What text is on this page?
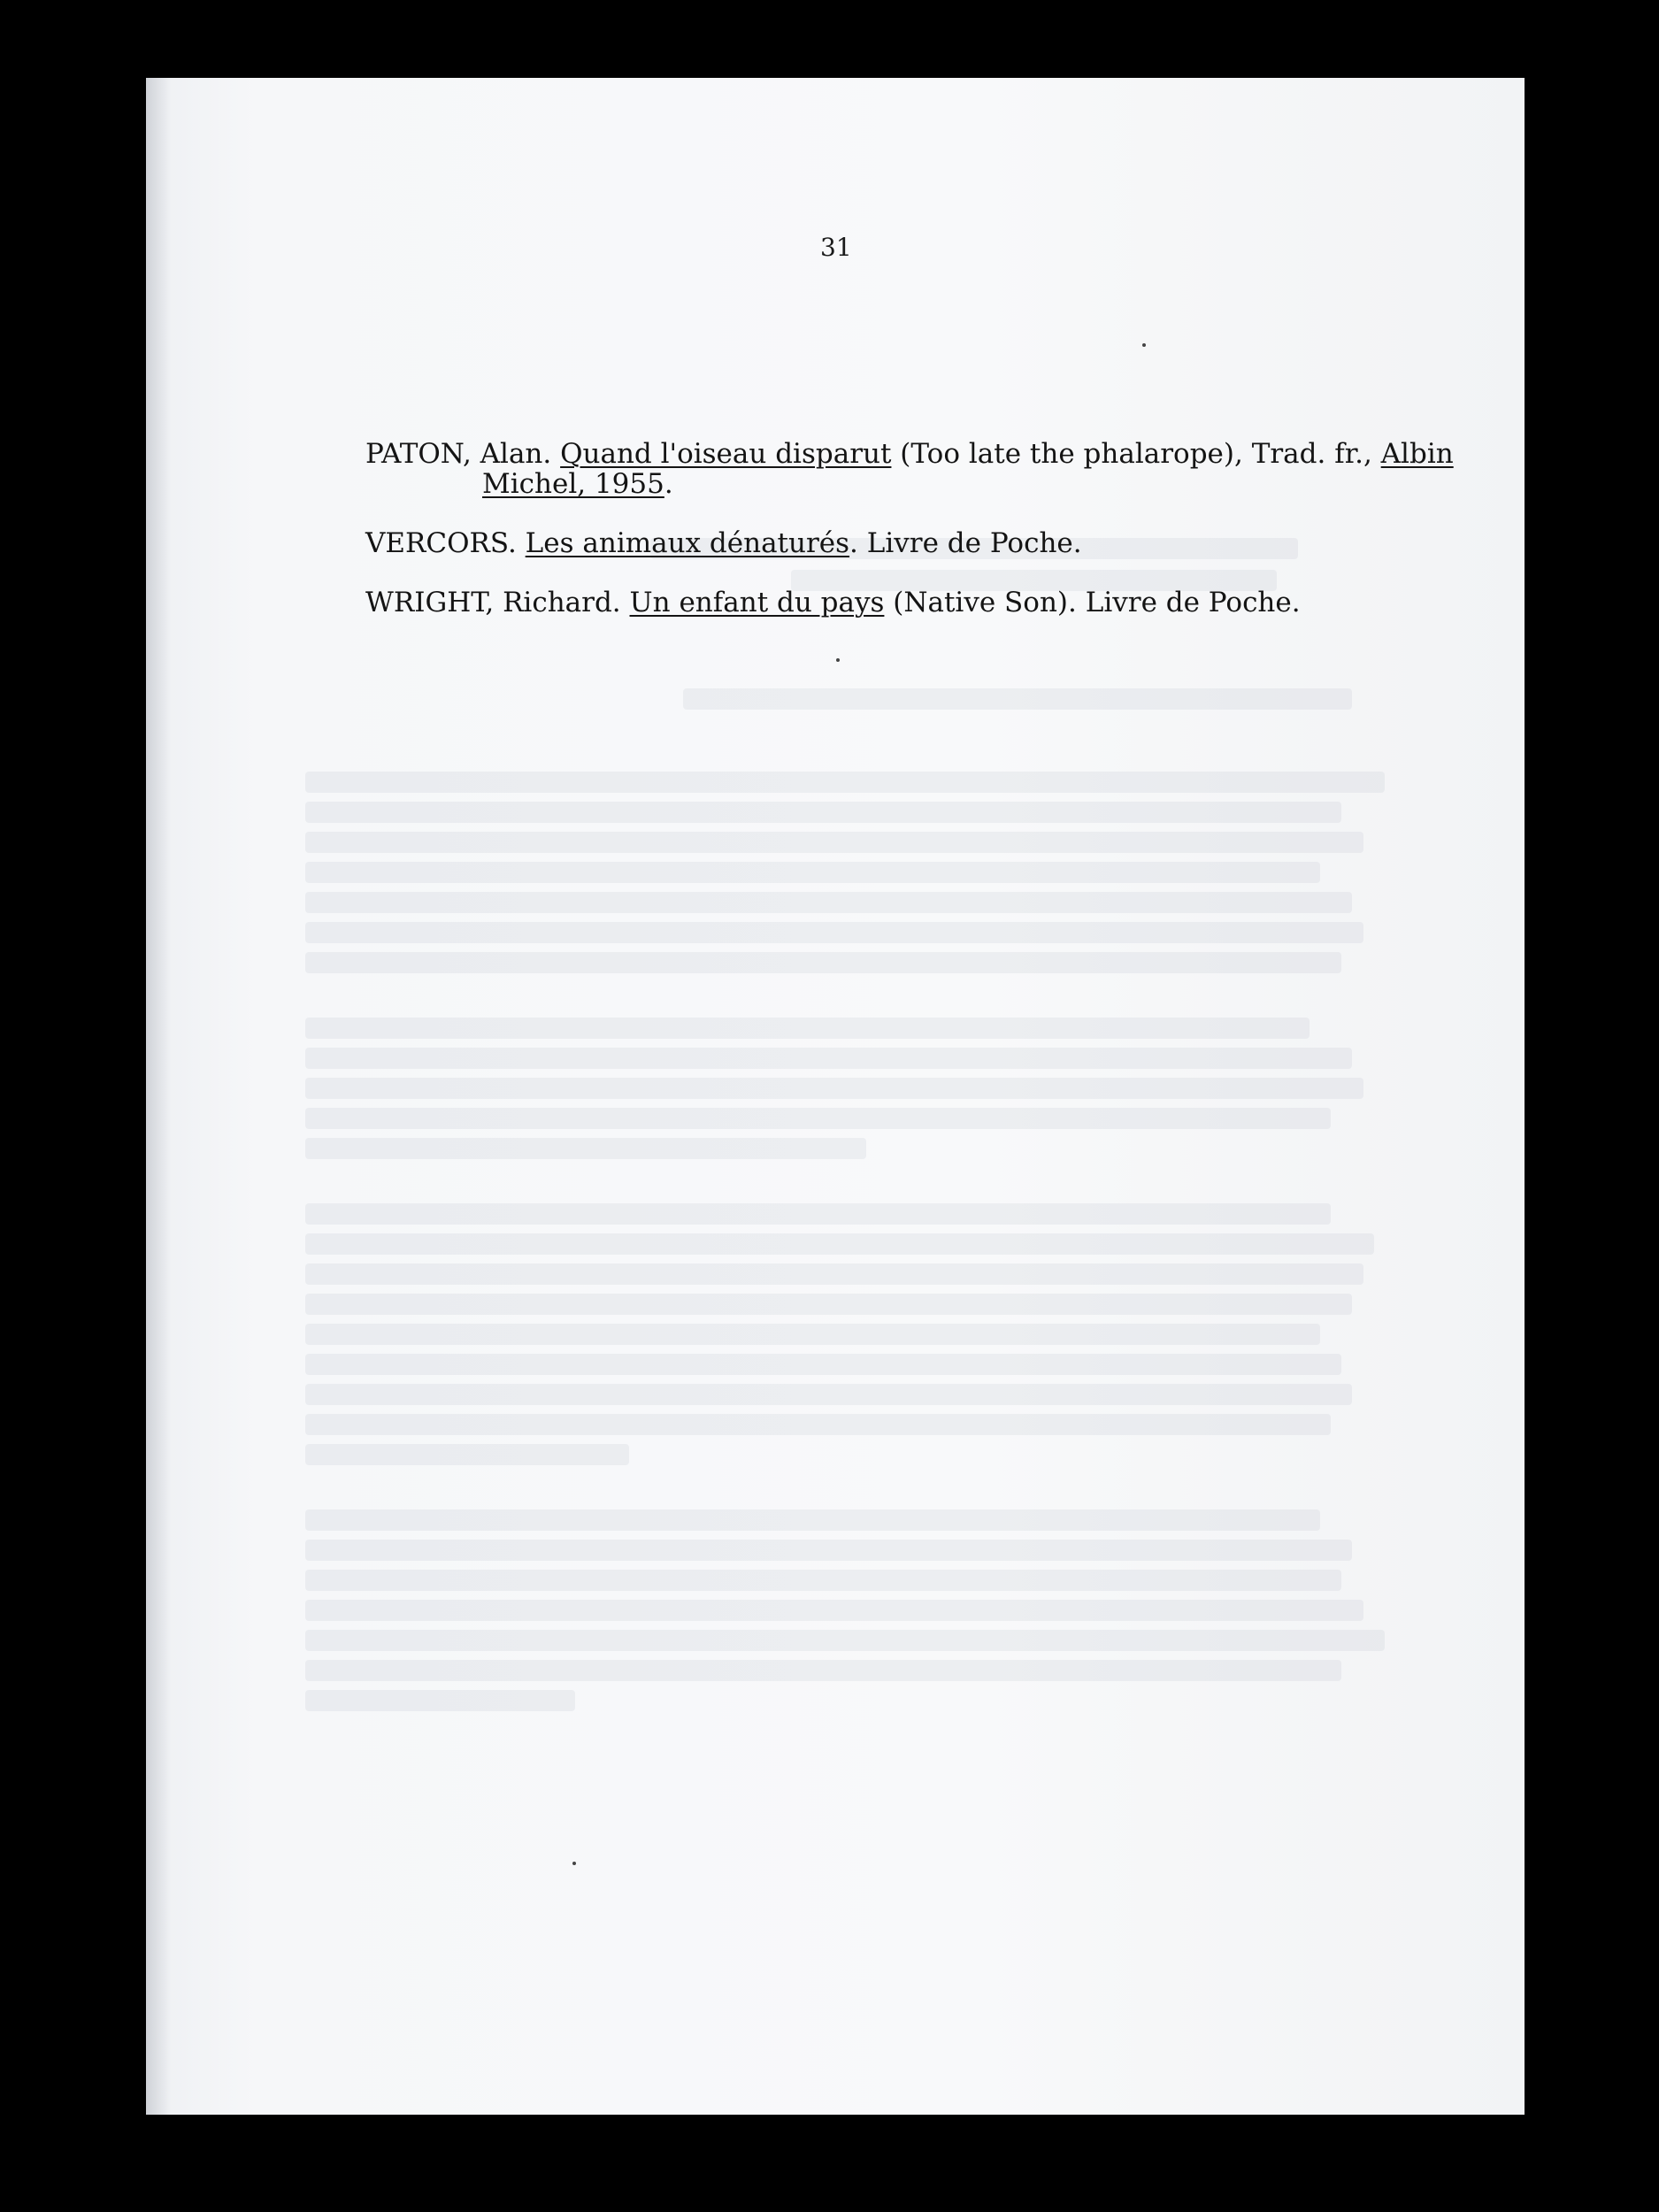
31
PATON, Alan. Quand l'oiseau disparut (Too late the phalarope), Trad. fr., Albin Michel, 1955.
VERCORS. Les animaux dénaturés. Livre de Poche.
WRIGHT, Richard. Un enfant du pays (Native Son). Livre de Poche.
